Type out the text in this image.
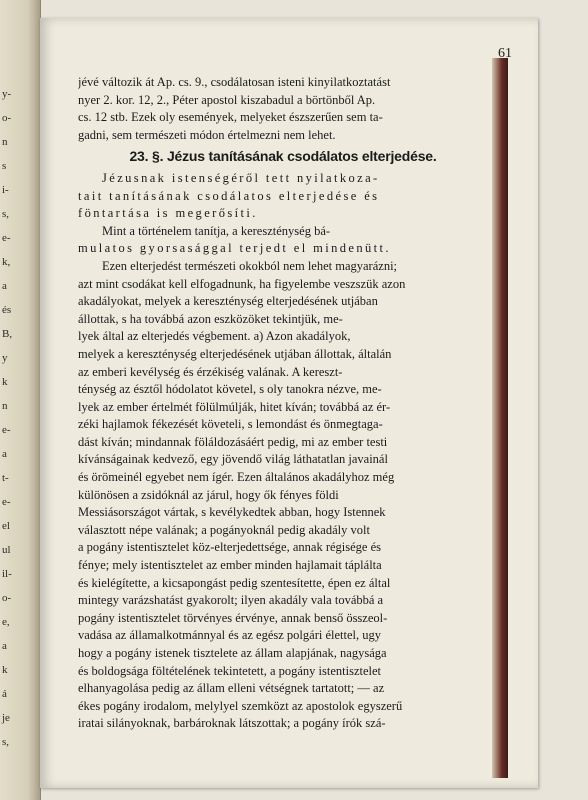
y-
o-
n
s
i-
s,
e-
k,
a
és
B,
y
k
n
e-
a
t-
e-
el
ul
il-
o-
e,
a
k
á
je
s,
61
jévé változik át Ap. cs. 9., csodálatosan isteni kinyilatkoztatást
nyer 2. kor. 12, 2., Péter apostol kiszabadul a börtönből Ap.
cs. 12 stb. Ezek oly események, melyeket észszerűen sem ta-
gadni, sem természeti módon értelmezni nem lehet.
23. §. Jézus tanításának csodálatos elterjedése.
Jézusnak istenségéről tett nyilatkoza-
tait tanításának csodálatos elterjedése és
föntartása is megerősíti.
Mint a történelem tanítja, a kereszténység bá-
mulatos gyorsasággal terjedt el mindenütt.
Ezen elterjedést természeti okokból nem lehet magyarázni;
azt mint csodákat kell elfogadnunk, ha figyelembe veszszük azon
akadályokat, melyek a kereszténység elterjedésének utjában
állottak, s ha továbbá azon eszközöket tekintjük, me-
lyek által az elterjedés végbement. a) Azon akadályok,
melyek a kereszténység elterjedésének utjában állottak, általán
az emberi kevélység és érzékiség valának. A kereszt-
ténység az észtől hódolatot követel, s oly tanokra nézve, me-
lyek az ember értelmét fölülmúlják, hitet kíván; továbbá az ér-
zéki hajlamok fékezését követeli, s lemondást és önmegtaga-
dást kíván; mindannak föláldozásáért pedig, mi az ember testi
kívánságainak kedvező, egy jövendő világ láthatatlan javainál
és örömeinél egyebet nem ígér. Ezen általános akadályhoz még
különösen a zsidóknál az járul, hogy ők fényes földi
Messiásországot vártak, s kevélykedtek abban, hogy Istennek
választott népe valának; a pogányoknál pedig akadály volt
a pogány istentisztelet köz-elterjedettsége, annak régisége és
fénye; mely istentisztelet az ember minden hajlamait táplálta
és kielégítette, a kicsapongást pedig szentesítette, épen ez által
mintegy varázshatást gyakorolt; ilyen akadály vala továbbá a
pogány istentisztelet törvényes érvénye, annak benső összeol-
vadása az államalkotmánnyal és az egész polgári élettel, ugy
hogy a pogány istenek tisztelete az állam alapjának, nagysága
és boldogsága föltételének tekintetett, a pogány istentisztelet
elhanyagolása pedig az állam elleni vétségnek tartatott; — az
ékes pogány irodalom, melylyel szemközt az apostolok egyszerű
iratai silányoknak, barbároknak látszottak; a pogány írók szá-
